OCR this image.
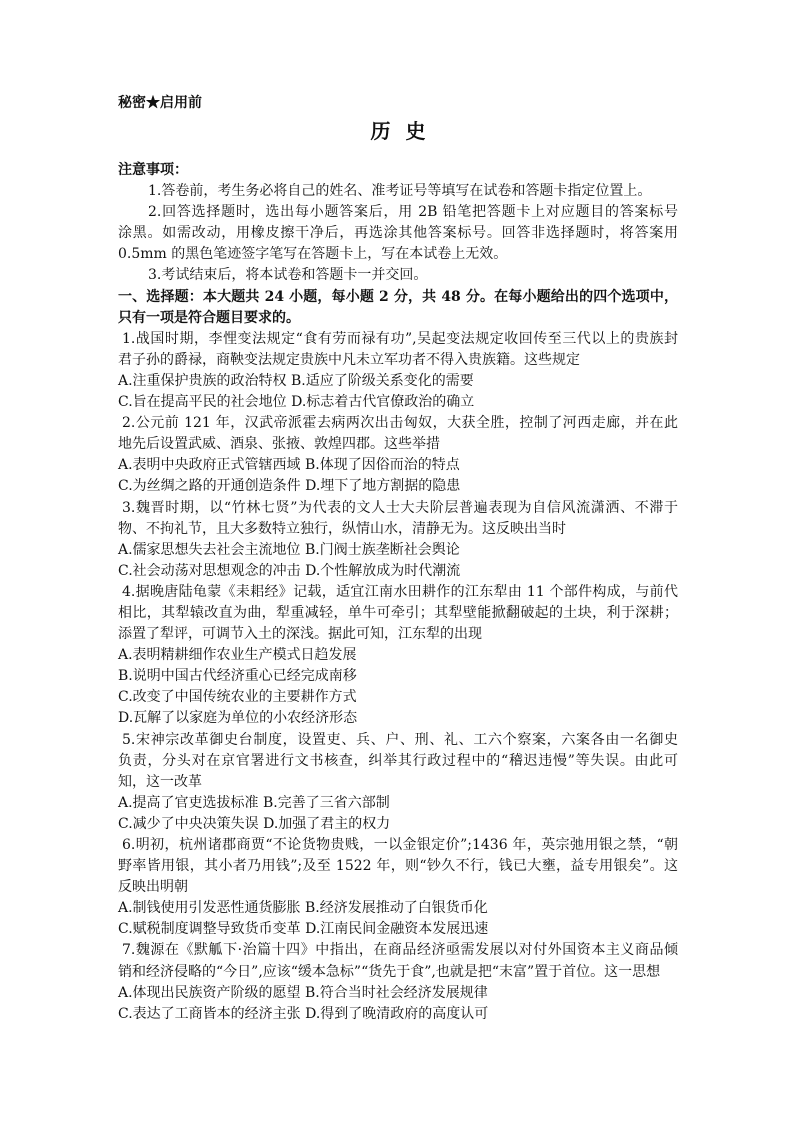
秘密★启用前
历 史
注意事项：
1.答卷前，考生务必将自己的姓名、准考证号等填写在试卷和答题卡指定位置上。
2.回答选择题时，选出每小题答案后，用 2B 铅笔把答题卡上对应题目的答案标号
涂黑。如需改动，用橡皮擦干净后，再选涂其他答案标号。回答非选择题时，将答案用
0.5mm 的黑色笔迹签字笔写在答题卡上，写在本试卷上无效。
3.考试结束后，将本试卷和答题卡一并交回。
一、选择题：本大题共 24 小题，每小题 2 分，共 48 分。在每小题给出的四个选项中，
只有一项是符合题目要求的。
1.战国时期，李悝变法规定“食有劳而禄有功”,吴起变法规定收回传至三代以上的贵族封
君子孙的爵禄，商鞅变法规定贵族中凡未立军功者不得入贵族籍。这些规定
A.注重保护贵族的政治特权 B.适应了阶级关系变化的需要
C.旨在提高平民的社会地位 D.标志着古代官僚政治的确立
2.公元前 121 年，汉武帝派霍去病两次出击匈奴，大获全胜，控制了河西走廊，并在此
地先后设置武威、酒泉、张掖、敦煌四郡。这些举措
A.表明中央政府正式管辖西域 B.体现了因俗而治的特点
C.为丝绸之路的开通创造条件 D.埋下了地方割据的隐患
3.魏晋时期，以“竹林七贤”为代表的文人士大夫阶层普遍表现为自信风流潇洒、不滞于
物、不拘礼节，且大多数特立独行，纵情山水，清静无为。这反映出当时
A.儒家思想失去社会主流地位 B.门阀士族垄断社会舆论
C.社会动荡对思想观念的冲击 D.个性解放成为时代潮流
4.据晚唐陆龟蒙《耒耜经》记载，适宜江南水田耕作的江东犁由 11 个部件构成，与前代
相比，其犁辕改直为曲，犁重减轻，单牛可牵引；其犁壁能掀翻破起的土块，利于深耕；
添置了犁评，可调节入土的深浅。据此可知，江东犁的出现
A.表明精耕细作农业生产模式日趋发展
B.说明中国古代经济重心已经完成南移
C.改变了中国传统农业的主要耕作方式
D.瓦解了以家庭为单位的小农经济形态
5.宋神宗改革御史台制度，设置吏、兵、户、刑、礼、工六个察案，六案各由一名御史
负责，分头对在京官署进行文书核查，纠举其行政过程中的“稽迟违慢”等失误。由此可
知，这一改革
A.提高了官吏选拔标准 B.完善了三省六部制
C.减少了中央决策失误 D.加强了君主的权力
6.明初，杭州诸郡商贾“不论货物贵贱，一以金银定价”;1436 年，英宗弛用银之禁，“朝
野率皆用银，其小者乃用钱”;及至 1522 年，则“钞久不行，钱已大壅，益专用银矣”。这
反映出明朝
A.制钱使用引发恶性通货膨胀 B.经济发展推动了白银货币化
C.赋税制度调整导致货币变革 D.江南民间金融资本发展迅速
7.魏源在《默觚下·治篇十四》中指出，在商品经济亟需发展以对付外国资本主义商品倾
销和经济侵略的“今日”,应该“缓本急标”“货先于食”,也就是把“末富”置于首位。这一思想
A.体现出民族资产阶级的愿望 B.符合当时社会经济发展规律
C.表达了工商皆本的经济主张 D.得到了晚清政府的高度认可
